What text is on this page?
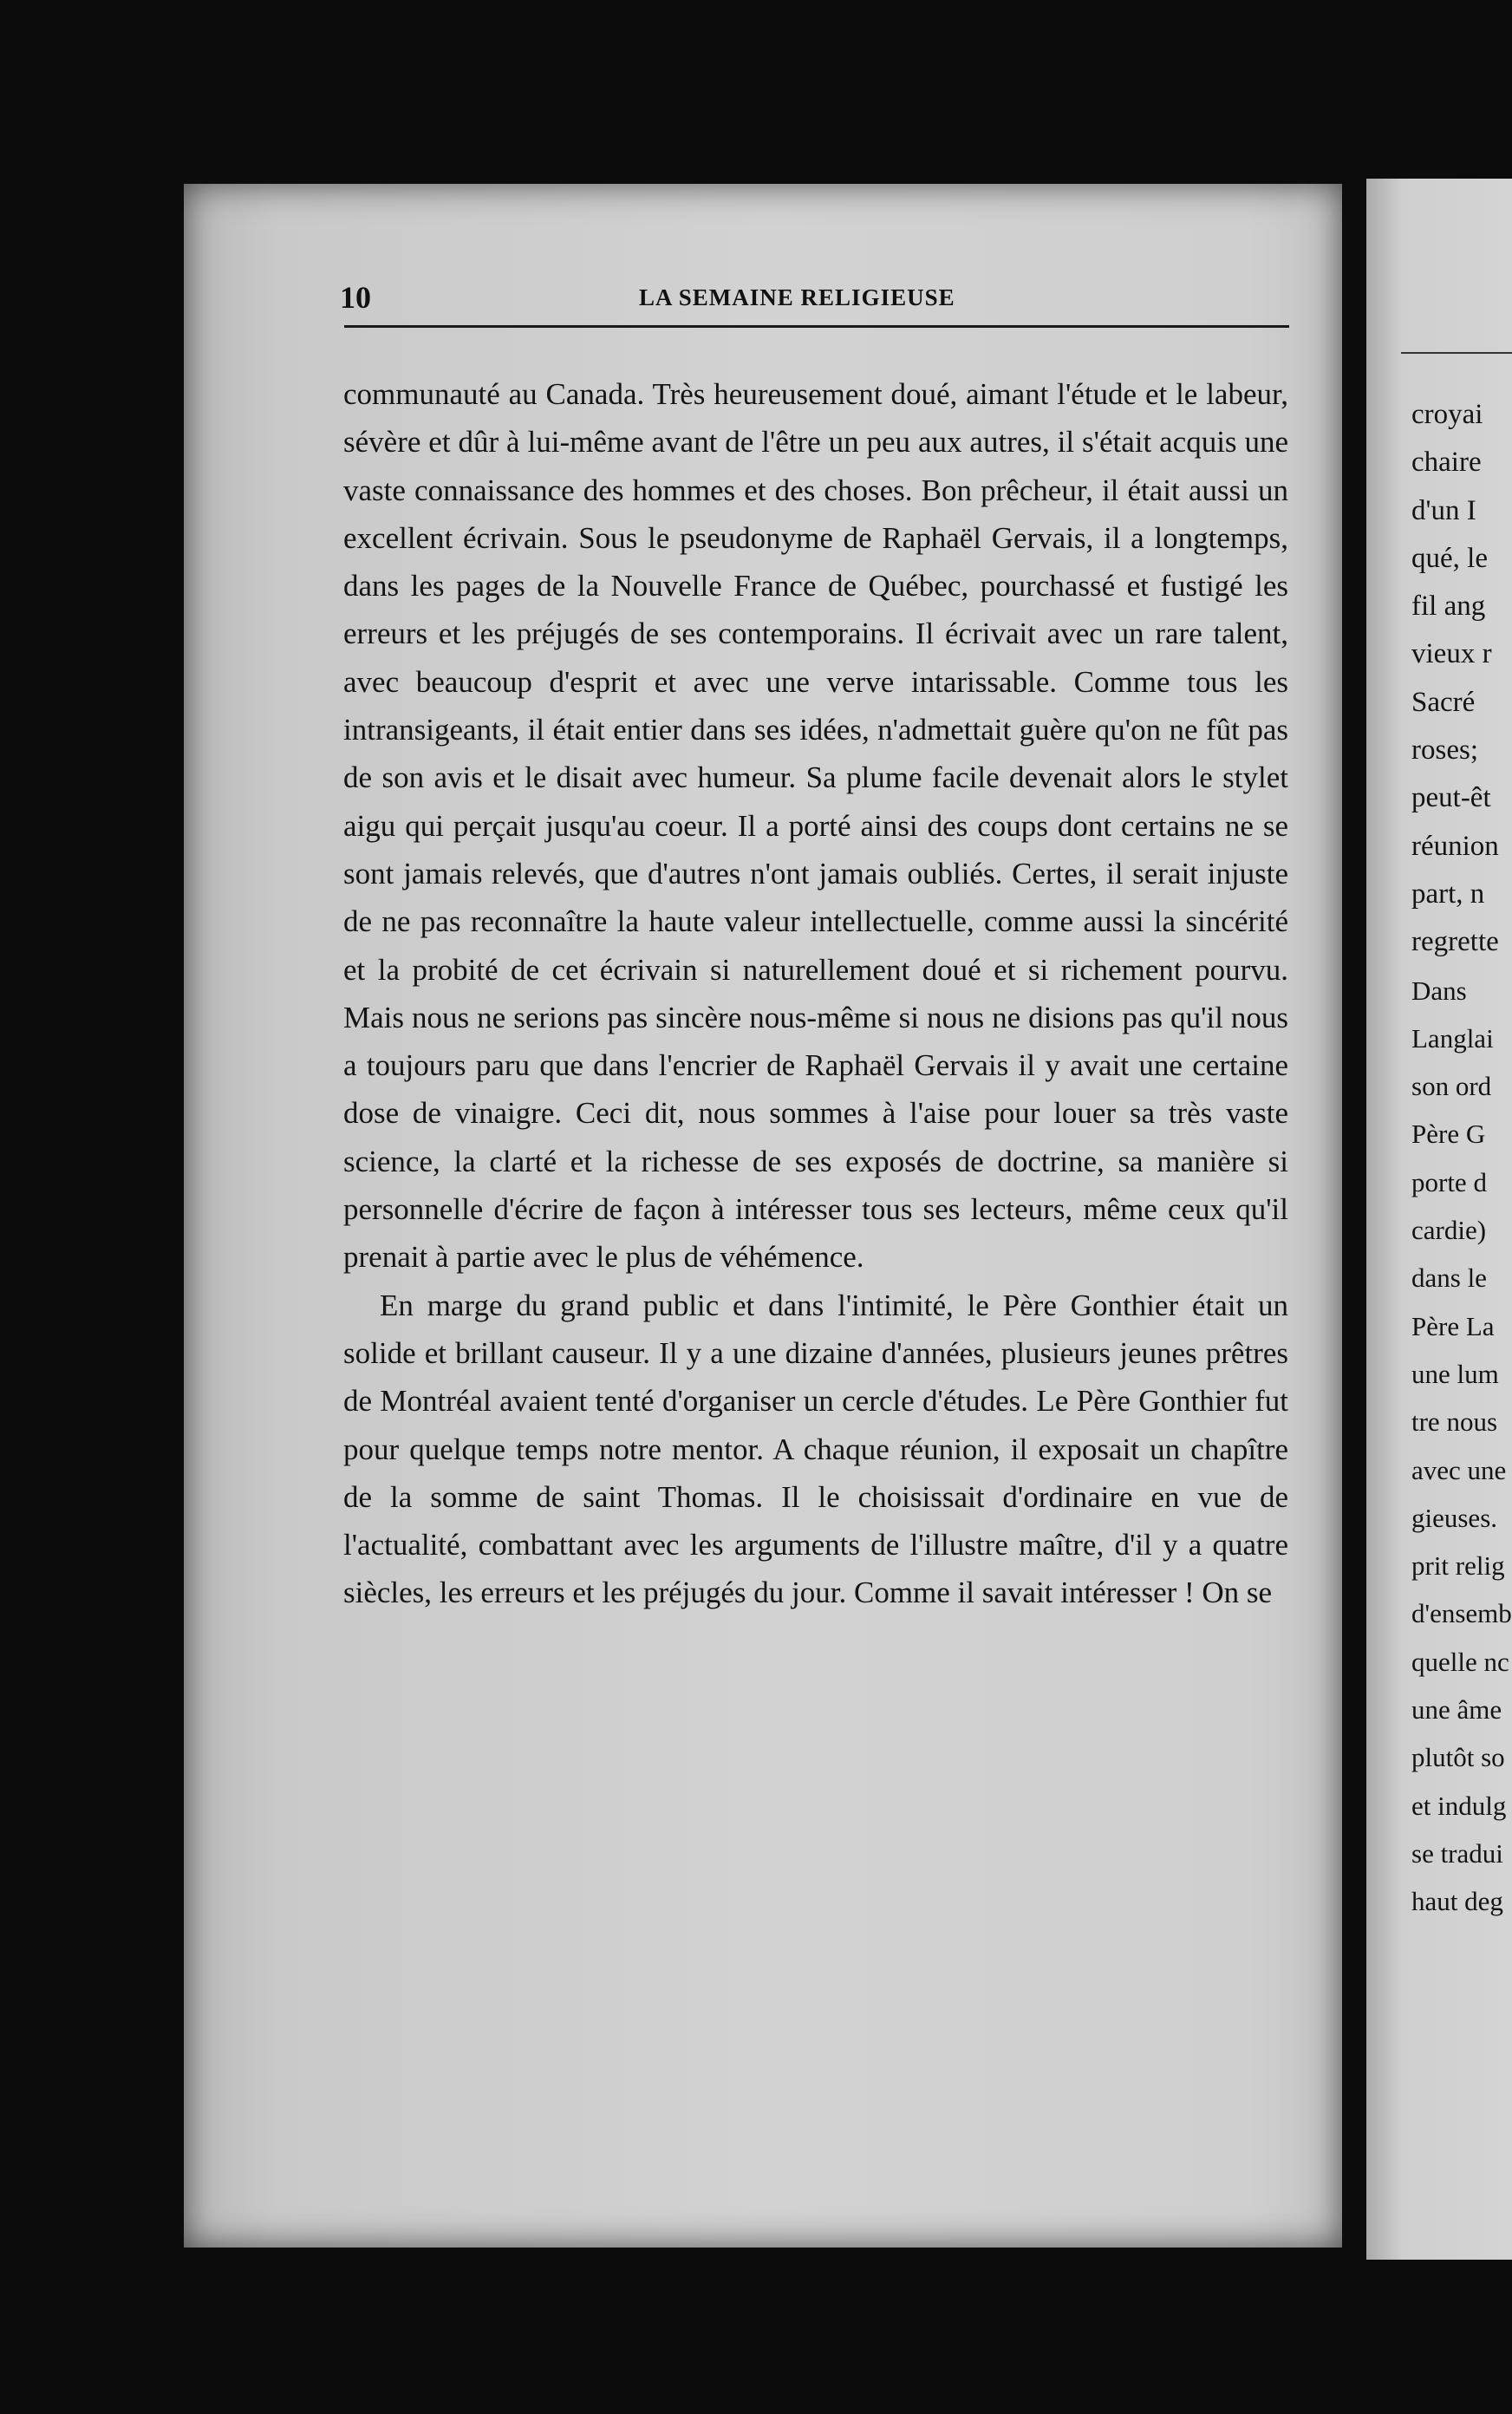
10	LA SEMAINE RELIGIEUSE

communauté au Canada. Très heureusement doué, aimant l'étude et le labeur, sévère et dûr à lui-même avant de l'être un peu aux autres, il s'était acquis une vaste connaissance des hommes et des choses. Bon prêcheur, il était aussi un excellent écrivain. Sous le pseudonyme de Raphaël Gervais, il a longtemps, dans les pages de la Nouvelle France de Québec, pourchassé et fustigé les erreurs et les préjugés de ses contemporains. Il écrivait avec un rare talent, avec beaucoup d'esprit et avec une verve intarissable. Comme tous les intransigeants, il était entier dans ses idées, n'admettait guère qu'on ne fût pas de son avis et le disait avec humeur. Sa plume facile devenait alors le stylet aigu qui perçait jusqu'au coeur. Il a porté ainsi des coups dont certains ne se sont jamais relevés, que d'autres n'ont jamais oubliés. Certes, il serait injuste de ne pas reconnaître la haute valeur intellectuelle, comme aussi la sincérité et la probité de cet écrivain si naturellement doué et si richement pourvu. Mais nous ne serions pas sincère nous-même si nous ne disions pas qu'il nous a toujours paru que dans l'encrier de Raphaël Gervais il y avait une certaine dose de vinaigre. Ceci dit, nous sommes à l'aise pour louer sa très vaste science, la clarté et la richesse de ses exposés de doctrine, sa manière si personnelle d'écrire de façon à intéresser tous ses lecteurs, même ceux qu'il prenait à partie avec le plus de véhémence.

En marge du grand public et dans l'intimité, le Père Gonthier était un solide et brillant causeur. Il y a une dizaine d'années, plusieurs jeunes prêtres de Montréal avaient tenté d'organiser un cercle d'études. Le Père Gonthier fut pour quelque temps notre mentor. A chaque réunion, il exposait un chapître de la somme de saint Thomas. Il le choisissait d'ordinaire en vue de l'actualité, combattant avec les arguments de l'illustre maître, d'il y a quatre siècles, les erreurs et les préjugés du jour. Comme il savait intéresser ! On se

croyai
chaire
d'un I
qué, le
fil ang
vieux r
Sacré
roses;
peut-êt
réunion
part, n
regrette
Dans
Langlai
son ord
Père G
porte d
cardie)
dans le
Père La
une lum
tre nous
avec une
gieuses.
prit relig
d'ensemb
quelle nc
une âme
plutôt so
et indulg
se tradui
haut deg
